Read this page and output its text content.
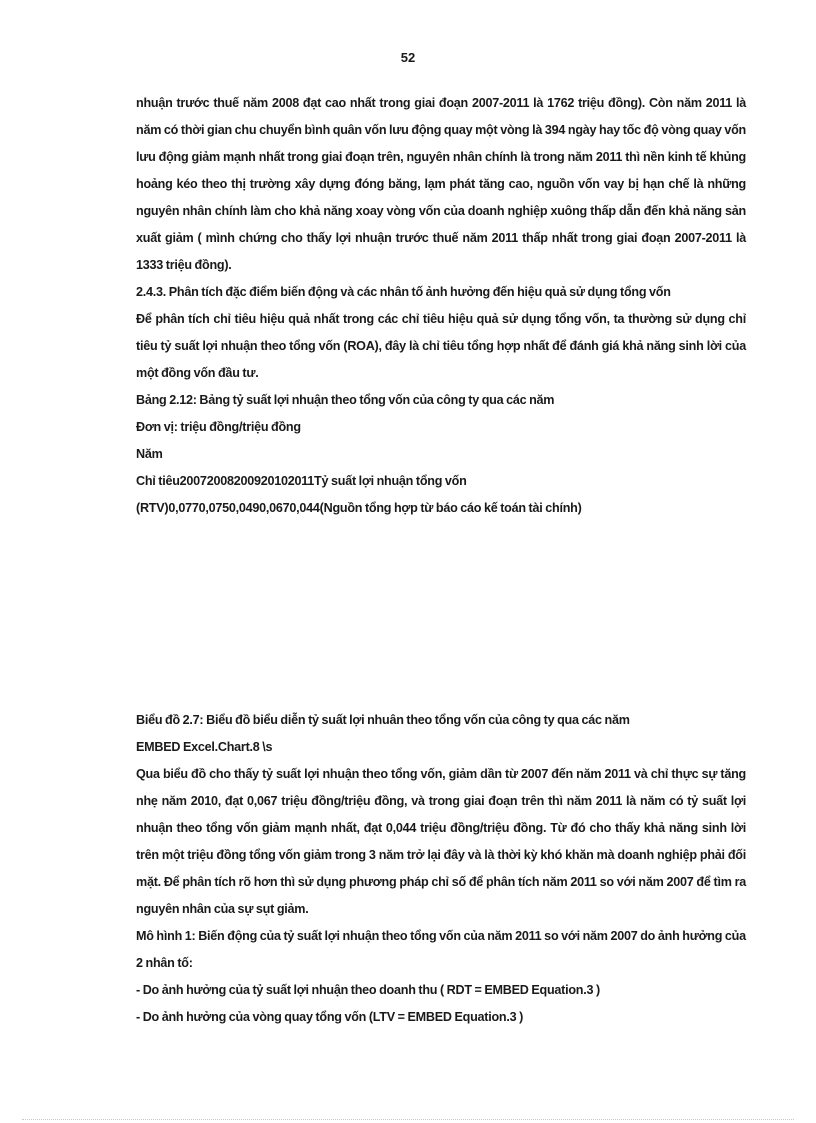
52

nhuận trước thuế năm 2008 đạt cao nhất trong giai đoạn 2007-2011 là 1762 triệu đồng). Còn năm 2011 là năm có thời gian chu chuyển bình quân vốn lưu động quay một vòng là 394 ngày hay tốc độ vòng quay vốn lưu động giảm mạnh nhất trong giai đoạn trên, nguyên nhân chính là trong năm 2011 thì nền kinh tế khủng hoảng kéo theo thị trường xây dựng đóng băng, lạm phát tăng cao, nguồn vốn vay bị hạn chế là những nguyên nhân chính làm cho khả năng xoay vòng vốn của doanh nghiệp xuông thấp dẫn đến khả năng sản xuất giảm ( mình chứng cho thấy lợi nhuận trước thuế năm 2011 thấp nhất trong giai đoạn 2007-2011 là 1333 triệu đồng).

2.4.3. Phân tích đặc điểm biến động và các nhân tố ảnh hưởng đến hiệu quả sử dụng tổng vốn

Để phân tích chỉ tiêu hiệu quả nhất trong các chỉ tiêu hiệu quả sử dụng tổng vốn, ta thường sử dụng chỉ tiêu tỷ suất lợi nhuận theo tổng vốn (ROA), đây là chỉ tiêu tổng hợp nhất để đánh giá khả năng sinh lời của một đồng vốn đầu tư.

Bảng 2.12: Bảng tỷ suất lợi nhuận theo tổng vốn của công ty qua các năm

Đơn vị: triệu đồng/triệu đồng

Năm

Chỉ tiêu20072008200920102011Tỷ suất lợi nhuận tổng vốn

(RTV)0,0770,0750,0490,0670,044(Nguồn tổng hợp từ báo cáo kế toán tài chính)

Biểu đồ 2.7: Biểu đồ biểu diễn tỷ suất lợi nhuân theo tổng vốn của công ty qua các năm

EMBED Excel.Chart.8 \s

Qua biểu đồ cho thấy tỷ suất lợi nhuận theo tổng vốn, giảm dần từ 2007 đến năm 2011 và chỉ thực sự tăng nhẹ năm 2010, đạt 0,067 triệu đồng/triệu đồng, và trong giai đoạn trên thì năm 2011 là năm có tỷ suất lợi nhuận theo tổng vốn giảm mạnh nhất, đạt 0,044 triệu đồng/triệu đồng. Từ đó cho thấy khả năng sinh lời trên một triệu đồng tổng vốn giảm trong 3 năm trở lại đây và là thời kỳ khó khăn mà doanh nghiệp phải đối mặt. Để phân tích rõ hơn thì sử dụng phương pháp chỉ số để phân tích năm 2011 so với năm 2007 để tìm ra nguyên nhân của sự sụt giảm.

Mô hình 1: Biến động của tỷ suất lợi nhuận theo tổng vốn của năm 2011 so với năm 2007 do ảnh hưởng của 2 nhân tố:

- Do ảnh hưởng của tỷ suất lợi nhuận theo doanh thu ( RDT = EMBED Equation.3 )

- Do ảnh hưởng của vòng quay tổng vốn (LTV = EMBED Equation.3 )
